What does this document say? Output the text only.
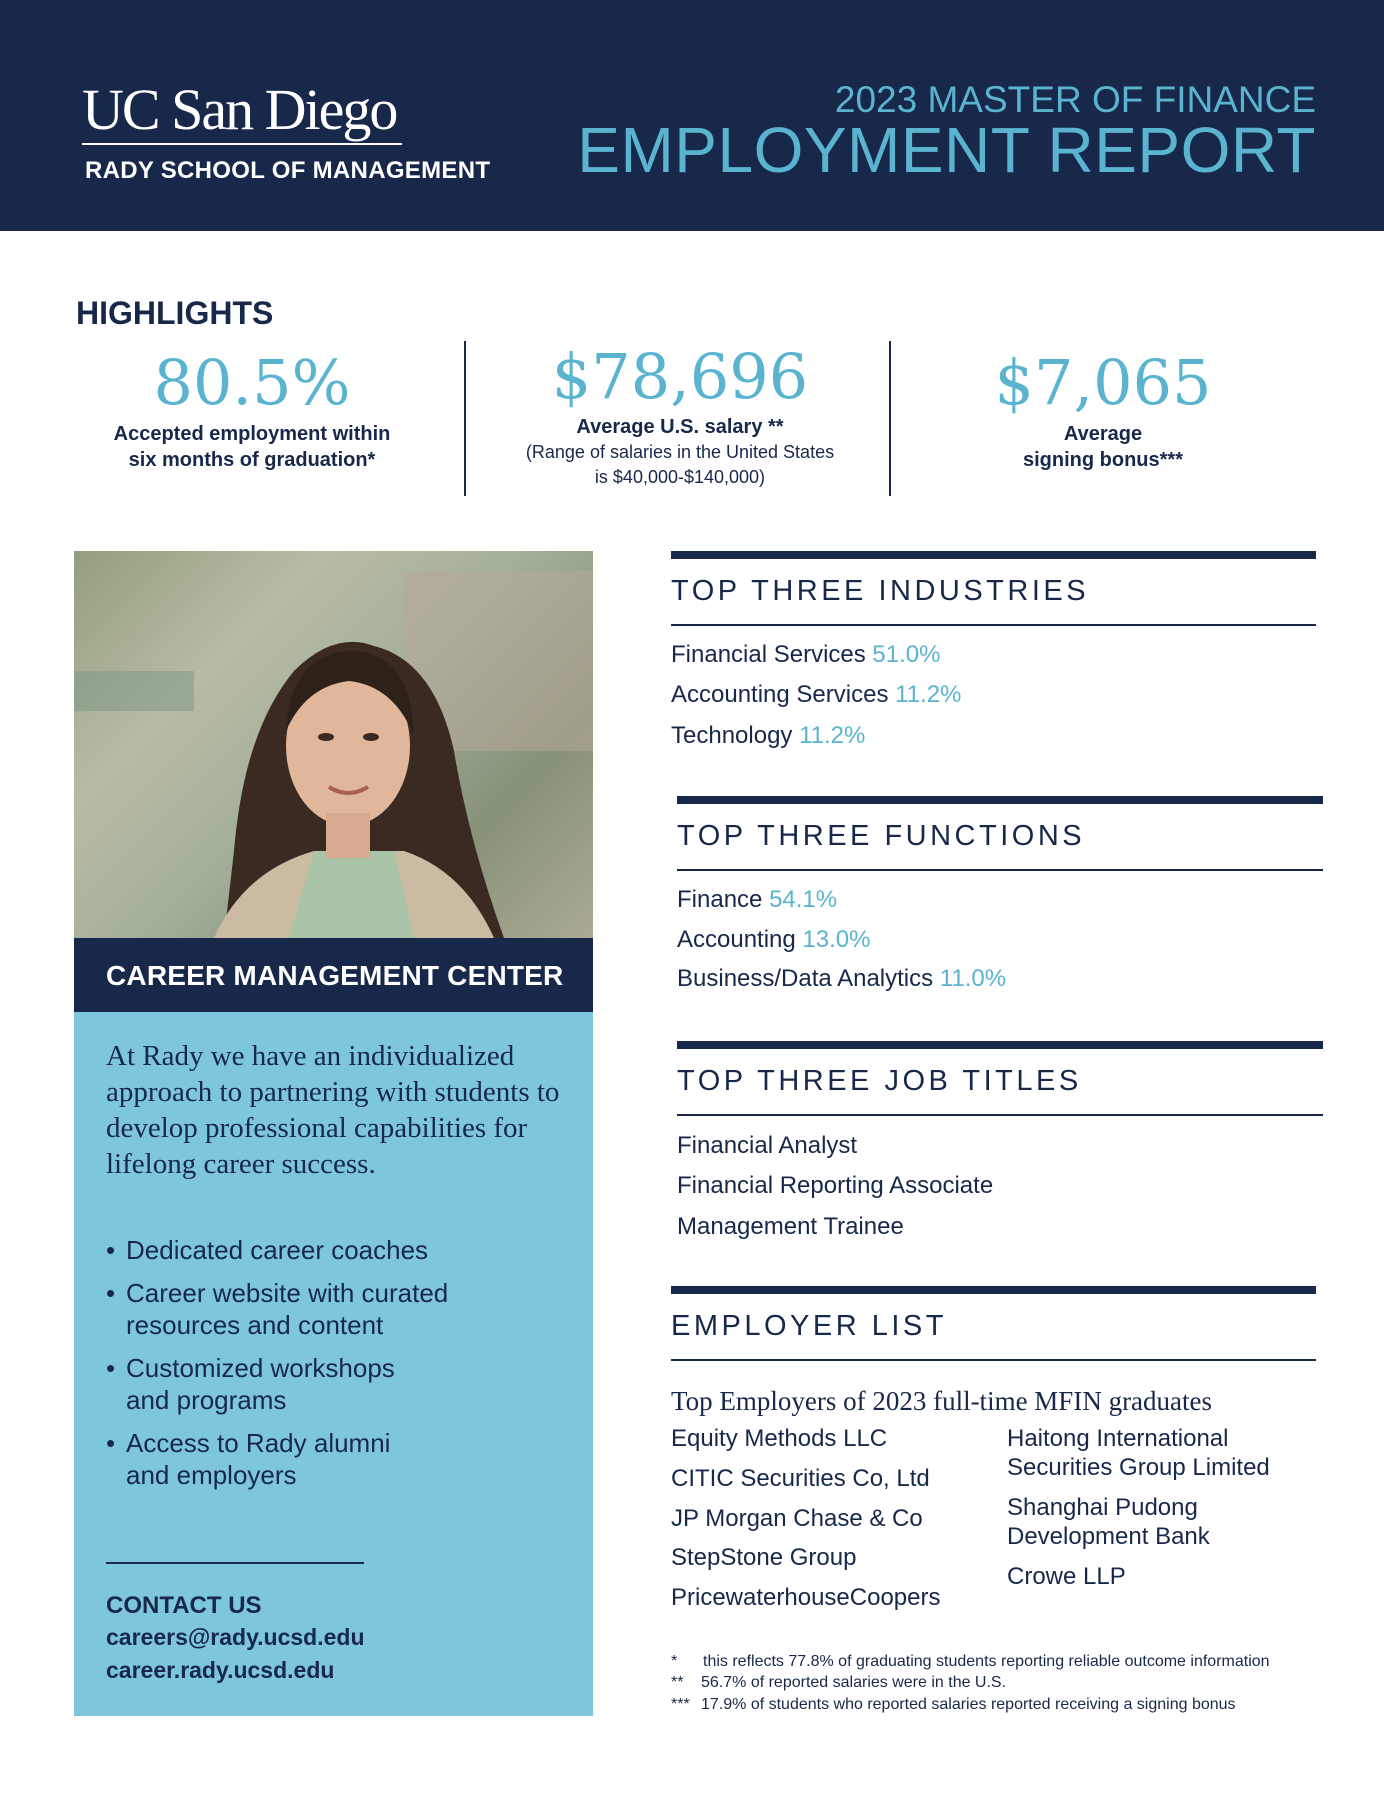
UC San Diego
RADY SCHOOL OF MANAGEMENT
2023 MASTER OF FINANCE
EMPLOYMENT REPORT
HIGHLIGHTS
80.5%
Accepted employment within
six months of graduation*
$78,696
Average U.S. salary **
(Range of salaries in the United States
is $40,000-$140,000)
$7,065
Average
signing bonus***
CAREER MANAGEMENT CENTER
At Rady we have an individualized approach to partnering with students to develop professional capabilities for lifelong career success.
• Dedicated career coaches
• Career website with curated
resources and content
• Customized workshops
and programs
• Access to Rady alumni
and employers
CONTACT US
careers@rady.ucsd.edu
career.rady.ucsd.edu
TOP THREE INDUSTRIES
Financial Services 51.0%
Accounting Services 11.2%
Technology 11.2%
TOP THREE FUNCTIONS
Finance 54.1%
Accounting 13.0%
Business/Data Analytics 11.0%
TOP THREE JOB TITLES
Financial Analyst
Financial Reporting Associate
Management Trainee
EMPLOYER LIST
Top Employers of 2023 full-time MFIN graduates
Equity Methods LLC
CITIC Securities Co, Ltd
JP Morgan Chase & Co
StepStone Group
PricewaterhouseCoopers
Haitong International
Securities Group Limited
Shanghai Pudong
Development Bank
Crowe LLP
* this reflects 77.8% of graduating students reporting reliable outcome information
** 56.7% of reported salaries were in the U.S.
*** 17.9% of students who reported salaries reported receiving a signing bonus
